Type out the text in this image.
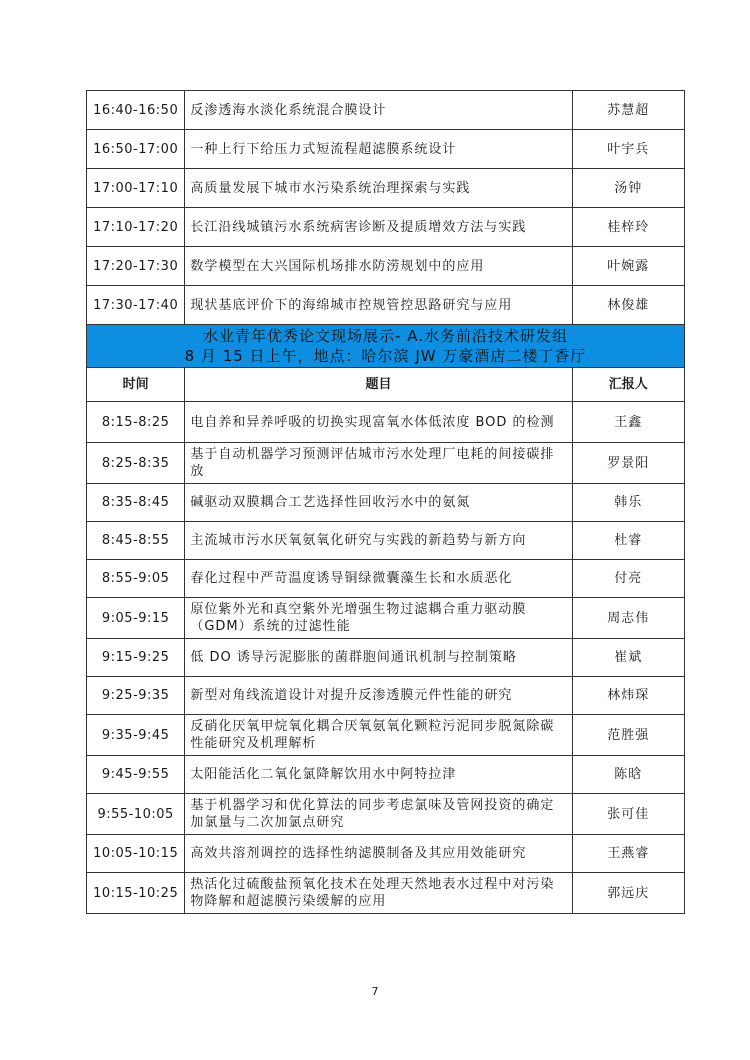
16:40-16:50	反渗透海水淡化系统混合膜设计	苏慧超
16:50-17:00	一种上行下给压力式短流程超滤膜系统设计	叶宇兵
17:00-17:10	高质量发展下城市水污染系统治理探索与实践	汤钟
17:10-17:20	长江沿线城镇污水系统病害诊断及提质增效方法与实践	桂梓玲
17:20-17:30	数学模型在大兴国际机场排水防涝规划中的应用	叶婉露
17:30-17:40	现状基底评价下的海绵城市控规管控思路研究与应用	林俊雄

水业青年优秀论文现场展示- A.水务前沿技术研发组
8 月 15 日上午，地点：哈尔滨 JW 万豪酒店二楼丁香厅		

时间	题目	汇报人
8:15-8:25	电自养和异养呼吸的切换实现富氧水体低浓度 BOD 的检测	王鑫
8:25-8:35	基于自动机器学习预测评估城市污水处理厂电耗的间接碳排放	罗景阳
8:35-8:45	碱驱动双膜耦合工艺选择性回收污水中的氨氮	韩乐
8:45-8:55	主流城市污水厌氧氨氧化研究与实践的新趋势与新方向	杜睿
8:55-9:05	春化过程中严苛温度诱导铜绿微囊藻生长和水质恶化	付亮
9:05-9:15	原位紫外光和真空紫外光增强生物过滤耦合重力驱动膜（GDM）系统的过滤性能	周志伟
9:15-9:25	低 DO 诱导污泥膨胀的菌群胞间通讯机制与控制策略	崔斌
9:25-9:35	新型对角线流道设计对提升反渗透膜元件性能的研究	林炜琛
9:35-9:45	反硝化厌氧甲烷氧化耦合厌氧氨氧化颗粒污泥同步脱氮除碳性能研究及机理解析	范胜强
9:45-9:55	太阳能活化二氧化氯降解饮用水中阿特拉津	陈晗
9:55-10:05	基于机器学习和优化算法的同步考虑氯味及管网投资的确定加氯量与二次加氯点研究	张可佳
10:05-10:15	高效共溶剂调控的选择性纳滤膜制备及其应用效能研究	王燕睿
10:15-10:25	热活化过硫酸盐预氧化技术在处理天然地表水过程中对污染物降解和超滤膜污染缓解的应用	郭远庆
7
